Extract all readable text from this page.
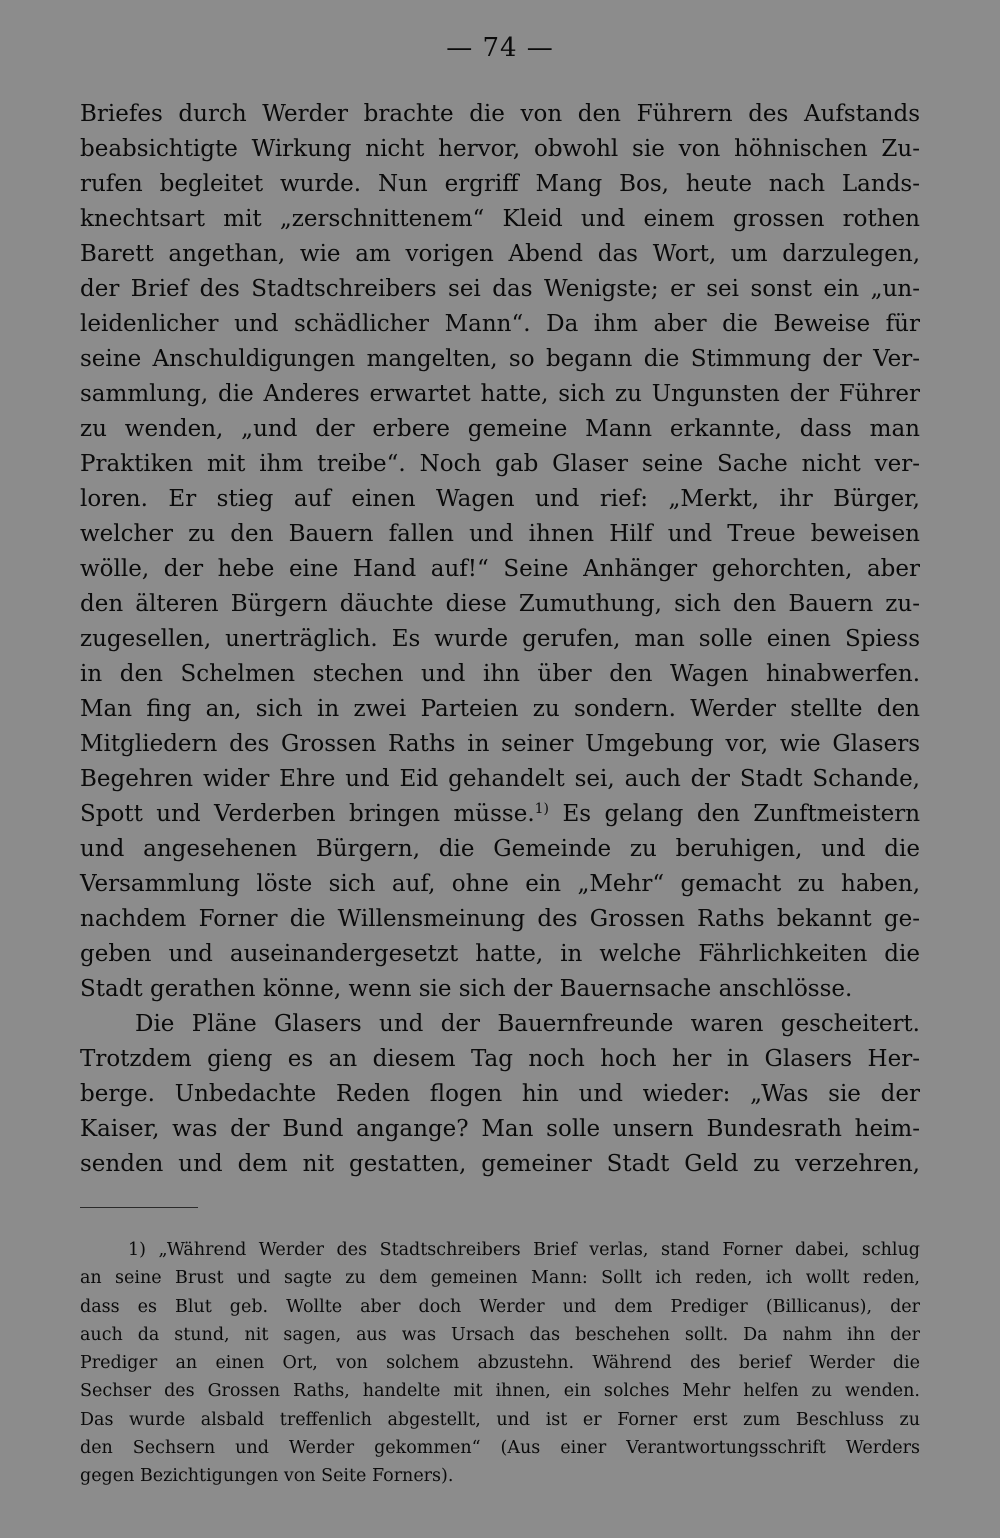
— 74 —
Briefes durch Werder brachte die von den Führern des Aufstands
beabsichtigte Wirkung nicht hervor, obwohl sie von höhnischen Zu-
rufen begleitet wurde. Nun ergriff Mang Bos, heute nach Lands-
knechtsart mit „zerschnittenem“ Kleid und einem grossen rothen
Barett angethan, wie am vorigen Abend das Wort, um darzulegen,
der Brief des Stadtschreibers sei das Wenigste; er sei sonst ein „un-
leidenlicher und schädlicher Mann“. Da ihm aber die Beweise für
seine Anschuldigungen mangelten, so begann die Stimmung der Ver-
sammlung, die Anderes erwartet hatte, sich zu Ungunsten der Führer
zu wenden, „und der erbere gemeine Mann erkannte, dass man
Praktiken mit ihm treibe“. Noch gab Glaser seine Sache nicht ver-
loren. Er stieg auf einen Wagen und rief: „Merkt, ihr Bürger,
welcher zu den Bauern fallen und ihnen Hilf und Treue beweisen
wölle, der hebe eine Hand auf!“ Seine Anhänger gehorchten, aber
den älteren Bürgern däuchte diese Zumuthung, sich den Bauern zu-
zugesellen, unerträglich. Es wurde gerufen, man solle einen Spiess
in den Schelmen stechen und ihn über den Wagen hinabwerfen.
Man fing an, sich in zwei Parteien zu sondern. Werder stellte den
Mitgliedern des Grossen Raths in seiner Umgebung vor, wie Glasers
Begehren wider Ehre und Eid gehandelt sei, auch der Stadt Schande,
Spott und Verderben bringen müsse.$^{1)}$ Es gelang den Zunftmeistern
und angesehenen Bürgern, die Gemeinde zu beruhigen, und die
Versammlung löste sich auf, ohne ein „Mehr“ gemacht zu haben,
nachdem Forner die Willensmeinung des Grossen Raths bekannt ge-
geben und auseinandergesetzt hatte, in welche Fährlichkeiten die
Stadt gerathen könne, wenn sie sich der Bauernsache anschlösse.
Die Pläne Glasers und der Bauernfreunde waren gescheitert.
Trotzdem gieng es an diesem Tag noch hoch her in Glasers Her-
berge. Unbedachte Reden flogen hin und wieder: „Was sie der
Kaiser, was der Bund angange? Man solle unsern Bundesrath heim-
senden und dem nit gestatten, gemeiner Stadt Geld zu verzehren,
1) „Während Werder des Stadtschreibers Brief verlas, stand Forner dabei, schlug
an seine Brust und sagte zu dem gemeinen Mann: Sollt ich reden, ich wollt reden,
dass es Blut geb. Wollte aber doch Werder und dem Prediger (Billicanus), der
auch da stund, nit sagen, aus was Ursach das beschehen sollt. Da nahm ihn der
Prediger an einen Ort, von solchem abzustehn. Während des berief Werder die
Sechser des Grossen Raths, handelte mit ihnen, ein solches Mehr helfen zu wenden.
Das wurde alsbald treffenlich abgestellt, und ist er Forner erst zum Beschluss zu
den Sechsern und Werder gekommen“ (Aus einer Verantwortungsschrift Werders
gegen Bezichtigungen von Seite Forners).
